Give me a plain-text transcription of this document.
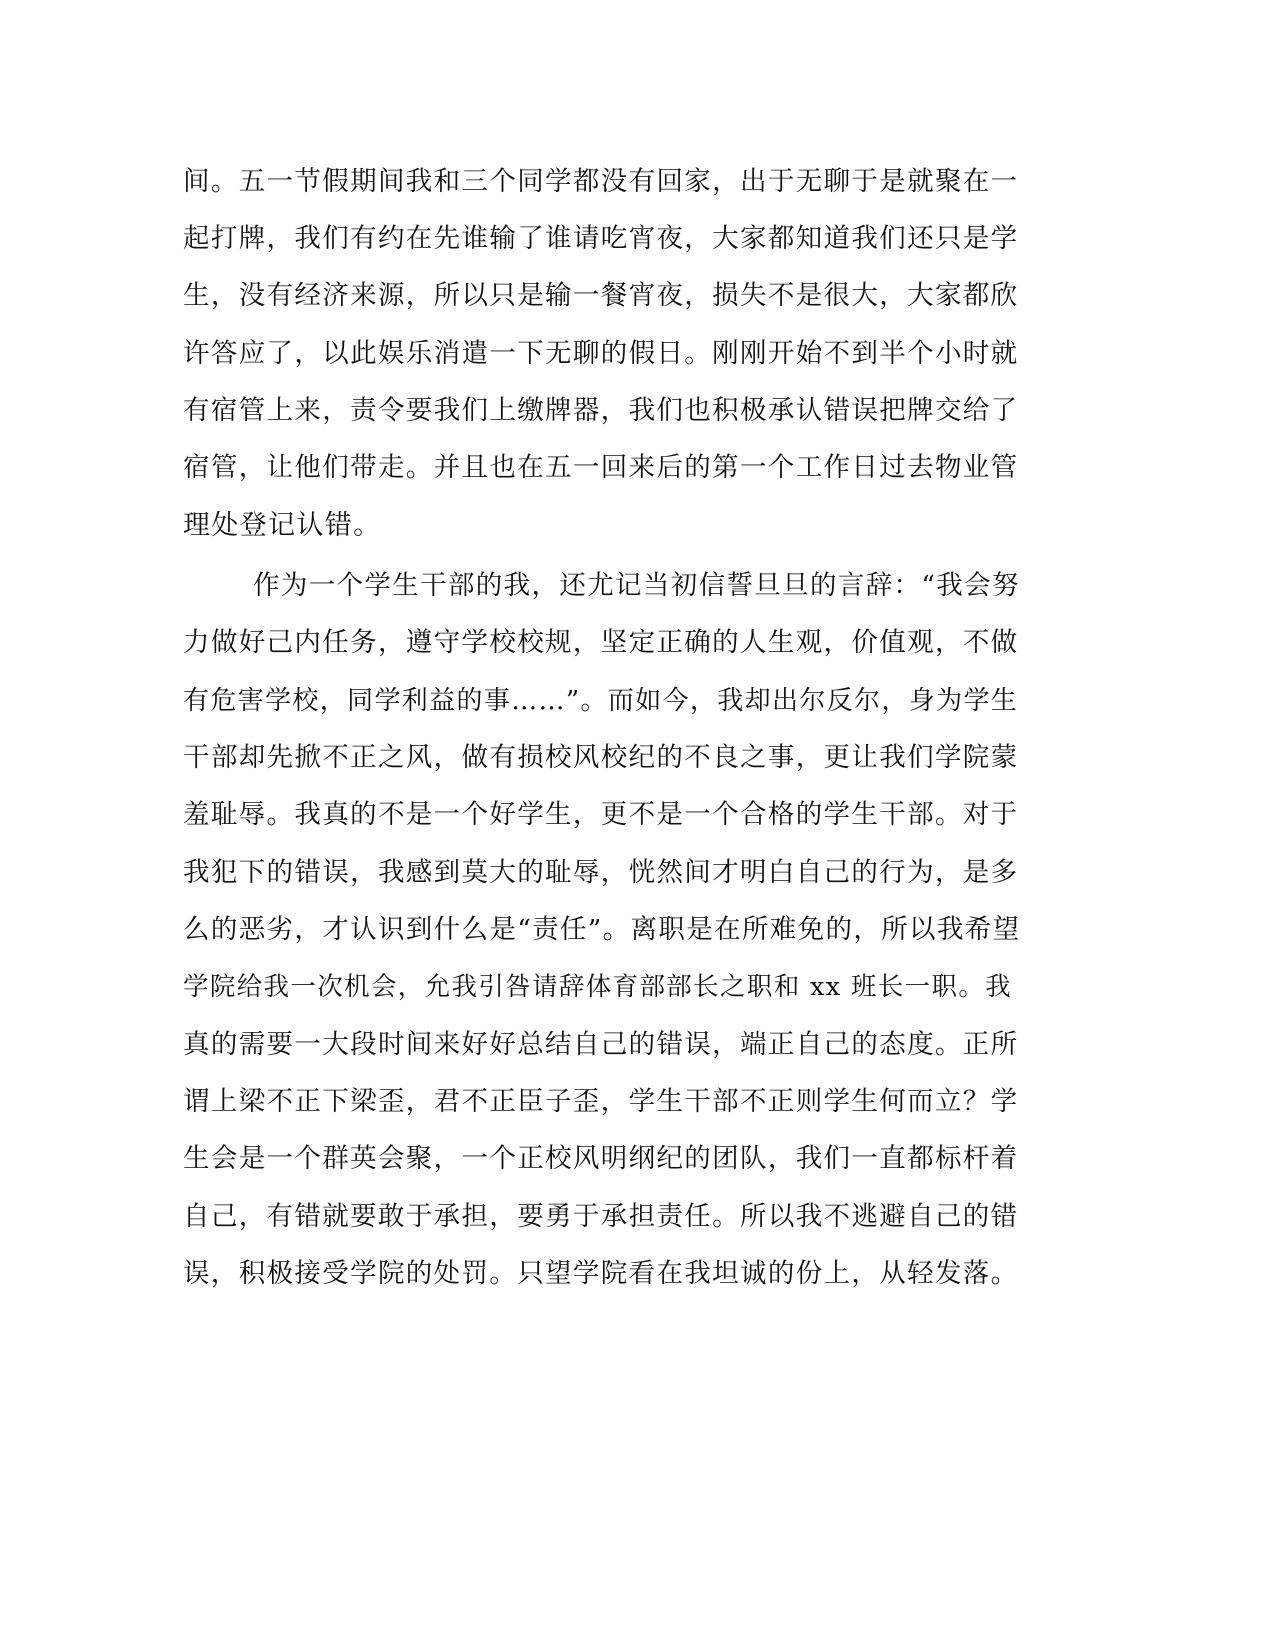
间。五一节假期间我和三个同学都没有回家，出于无聊于是就聚在一
起打牌，我们有约在先谁输了谁请吃宵夜，大家都知道我们还只是学
生，没有经济来源，所以只是输一餐宵夜，损失不是很大，大家都欣
许答应了，以此娱乐消遣一下无聊的假日。刚刚开始不到半个小时就
有宿管上来，责令要我们上缴牌器，我们也积极承认错误把牌交给了
宿管，让他们带走。并且也在五一回来后的第一个工作日过去物业管
理处登记认错。
作为一个学生干部的我，还尤记当初信誓旦旦的言辞：“我会努
力做好己内任务，遵守学校校规，坚定正确的人生观，价值观，不做
有危害学校，同学利益的事……”。而如今，我却出尔反尔，身为学生
干部却先掀不正之风，做有损校风校纪的不良之事，更让我们学院蒙
羞耻辱。我真的不是一个好学生，更不是一个合格的学生干部。对于
我犯下的错误，我感到莫大的耻辱，恍然间才明白自己的行为，是多
么的恶劣，才认识到什么是“责任”。离职是在所难免的，所以我希望
学院给我一次机会，允我引咎请辞体育部部长之职和 xx 班长一职。我
真的需要一大段时间来好好总结自己的错误，端正自己的态度。正所
谓上梁不正下梁歪，君不正臣子歪，学生干部不正则学生何而立？学
生会是一个群英会聚，一个正校风明纲纪的团队，我们一直都标杆着
自己，有错就要敢于承担，要勇于承担责任。所以我不逃避自己的错
误，积极接受学院的处罚。只望学院看在我坦诚的份上，从轻发落。
